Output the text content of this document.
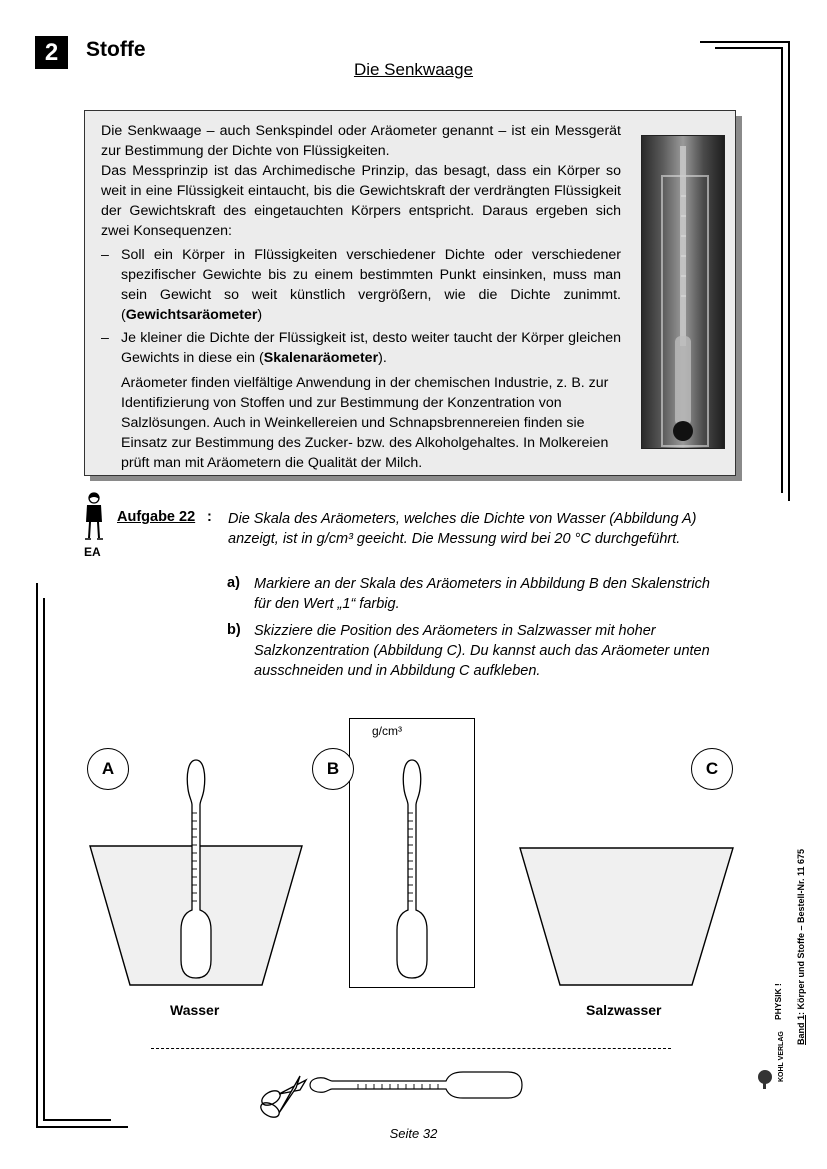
2	Stoffe
Die Senkwaage
Die Senkwaage – auch Senkspindel oder Aräometer genannt – ist ein Messgerät zur Bestimmung der Dichte von Flüssigkeiten.
Das Messprinzip ist das Archimedische Prinzip, das besagt, dass ein Körper so weit in eine Flüssigkeit eintaucht, bis die Gewichtskraft der verdrängten Flüssigkeit der Gewichtskraft des eingetauchten Körpers entspricht. Daraus ergeben sich zwei Konsequenzen:
– Soll ein Körper in Flüssigkeiten verschiedener Dichte oder verschiedener spezifischer Gewichte bis zu einem bestimmten Punkt einsinken, muss man sein Gewicht so weit künstlich vergrößern, wie die Dichte zunimmt. (Gewichtsaräometer)
– Je kleiner die Dichte der Flüssigkeit ist, desto weiter taucht der Körper gleichen Gewichts in diese ein (Skalenaräometer).
Aräometer finden vielfältige Anwendung in der chemischen Industrie, z. B. zur Identifizierung von Stoffen und zur Bestimmung der Konzentration von Salzlösungen. Auch in Weinkellereien und Schnapsbrennereien finden sie Einsatz zur Bestimmung des Zucker- bzw. des Alkoholgehaltes. In Molkereien prüft man mit Aräometern die Qualität der Milch.
EA
Aufgabe 22 : Die Skala des Aräometers, welches die Dichte von Wasser (Abbildung A) anzeigt, ist in g/cm³ geeicht. Die Messung wird bei 20 °C durchgeführt.
a) Markiere an der Skala des Aräometers in Abbildung B den Skalenstrich für den Wert „1“ farbig.
b) Skizziere die Position des Aräometers in Salzwasser mit hoher Salzkonzentration (Abbildung C). Du kannst auch das Aräometer unten ausschneiden und in Abbildung C aufkleben.
g/cm³
A	B	C
Wasser	Salzwasser
Seite 32
Band 1: Körper und Stoffe – Bestell-Nr. 11 675
PHYSIK !
KOHL VERLAG
